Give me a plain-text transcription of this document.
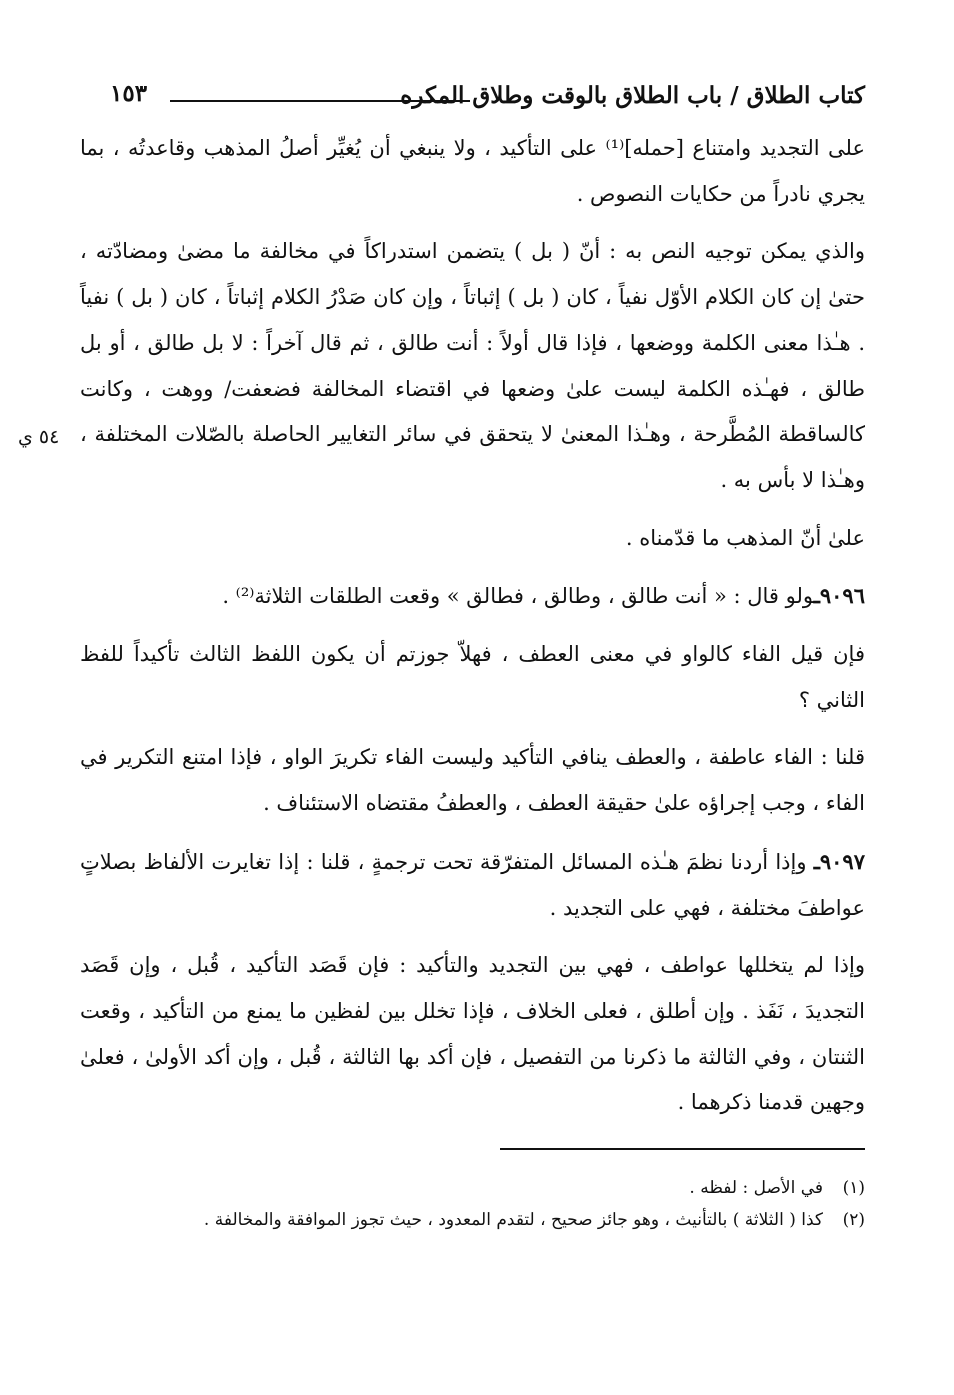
كتاب الطلاق / باب الطلاق بالوقت وطلاق المكره
١٥٣
٥٤ ي

على التجديد وامتناع [حمله]⁽¹⁾ على التأكيد ، ولا ينبغي أن يُغيِّر أصلُ المذهب وقاعدتُه ، بما يجري نادراً من حكايات النصوص .

والذي يمكن توجيه النص به : أنّ ( بل ) يتضمن استدراكاً في مخالفة ما مضىٰ ومضادّته ، حتىٰ إن كان الكلام الأوّل نفياً ، كان ( بل ) إثباتاً ، وإن كان صَدْرُ الكلام إثباتاً ، كان ( بل ) نفياً . هـٰذا معنى الكلمة ووضعها ، فإذا قال أولاً : أنت طالق ، ثم قال آخراً : لا بل طالق ، أو بل طالق ، فهـٰذه الكلمة ليست علىٰ وضعها في اقتضاء المخالفة فضعفت/ ووهت ، وكانت كالساقطة المُطَّرحة ، وهـٰذا المعنىٰ لا يتحقق في سائر التغايير الحاصلة بالصّلات المختلفة ، وهـٰذا لا بأس به .

علىٰ أنّ المذهب ما قدّمناه .

٩٠٩٦ـولو قال : « أنت طالق ، وطالق ، فطالق » وقعت الطلقات الثلاثة⁽²⁾ .

فإن قيل الفاء كالواو في معنى العطف ، فهلاّ جوزتم أن يكون اللفظ الثالث تأكيداً للفظ الثاني ؟

قلنا : الفاء عاطفة ، والعطف ينافي التأكيد وليست الفاء تكريرَ الواو ، فإذا امتنع التكرير في الفاء ، وجب إجراؤه علىٰ حقيقة العطف ، والعطفُ مقتضاه الاستئناف .

٩٠٩٧ـ وإذا أردنا نظمَ هـٰذه المسائل المتفرّقة تحت ترجمةٍ ، قلنا : إذا تغايرت الألفاظ بصلاتٍ عواطفَ مختلفة ، فهي على التجديد .

وإذا لم يتخللها عواطف ، فهي بين التجديد والتأكيد : فإن قَصَد التأكيد ، قُبل ، وإن قَصَد التجديدَ ، نَفَذ . وإن أطلق ، فعلى الخلاف ، فإذا تخلل بين لفظين ما يمنع من التأكيد ، وقعت الثنتان ، وفي الثالثة ما ذكرنا من التفصيل ، فإن أكد بها الثالثة ، قُبل ، وإن أكد الأولىٰ ، فعلىٰ وجهين قدمنا ذكرهما .

(١)في الأصل : لفظه .

(٢)كذا ( الثلاثة ) بالتأنيث ، وهو جائز صحيح ، لتقدم المعدود ، حيث تجوز الموافقة والمخالفة .
